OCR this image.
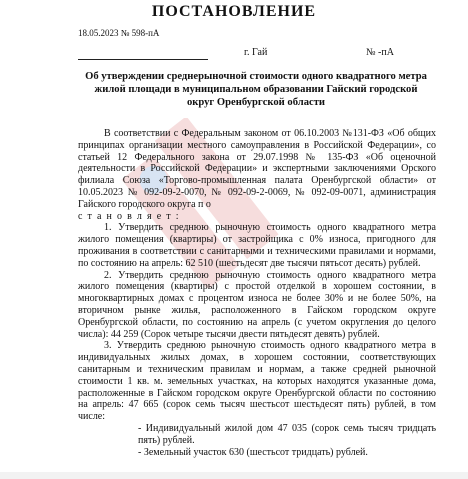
ПОСТАНОВЛЕНИЕ
18.05.2023 № 598-пА
г. Гай	№ -пА
Об утверждении среднерыночной стоимости одного квадратного метра жилой площади в муниципальном образовании Гайский городской округ Оренбургской области

В соответствии с Федеральным законом от 06.10.2003 №131-ФЗ «Об общих принципах организации местного самоуправления в Российской Федерации», со статьей 12 Федерального закона от 29.07.1998 № 135-ФЗ «Об оценочной деятельности в Российской Федерации» и экспертными заключениями Орского филиала Союза «Торгово-промышленная палата Оренбургской области» от 10.05.2023 № 092-09-2-0070, № 092-09-2-0069, № 092-09-0071, администрация Гайского городского округа п о

с т а н о в л я е т :

1. Утвердить среднюю рыночную стоимость одного квадратного метра жилого помещения (квартиры) от застройщика с 0% износа, пригодного для проживания в соответствии с санитарными и техническими правилами и нормами, по состоянию на апрель: 62 510 (шестьдесят две тысячи пятьсот десять) рублей.

2. Утвердить среднюю рыночную стоимость одного квадратного метра жилого помещения (квартиры) с простой отделкой в хорошем состоянии, в многоквартирных домах с процентом износа не более 30% и не более 50%, на вторичном рынке жилья, расположенного в Гайском городском округе Оренбургской области, по состоянию на апрель (с учетом округления до целого числа): 44 259 (Сорок четыре тысячи двести пятьдесят девять) рублей.

3. Утвердить среднюю рыночную стоимость одного квадратного метра в индивидуальных жилых домах, в хорошем состоянии, соответствующих санитарным и техническим правилам и нормам, а также средней рыночной стоимости 1 кв. м. земельных участках, на которых находятся указанные дома, расположенные в Гайском городском округе Оренбургской области по состоянию на апрель: 47 665 (сорок семь тысяч шестьсот шестьдесят пять) рублей, в том числе:

- Индивидуальный жилой дом 47 035 (сорок семь тысяч тридцать пять) рублей.

- Земельный участок 630 (шестьсот тридцать) рублей.
